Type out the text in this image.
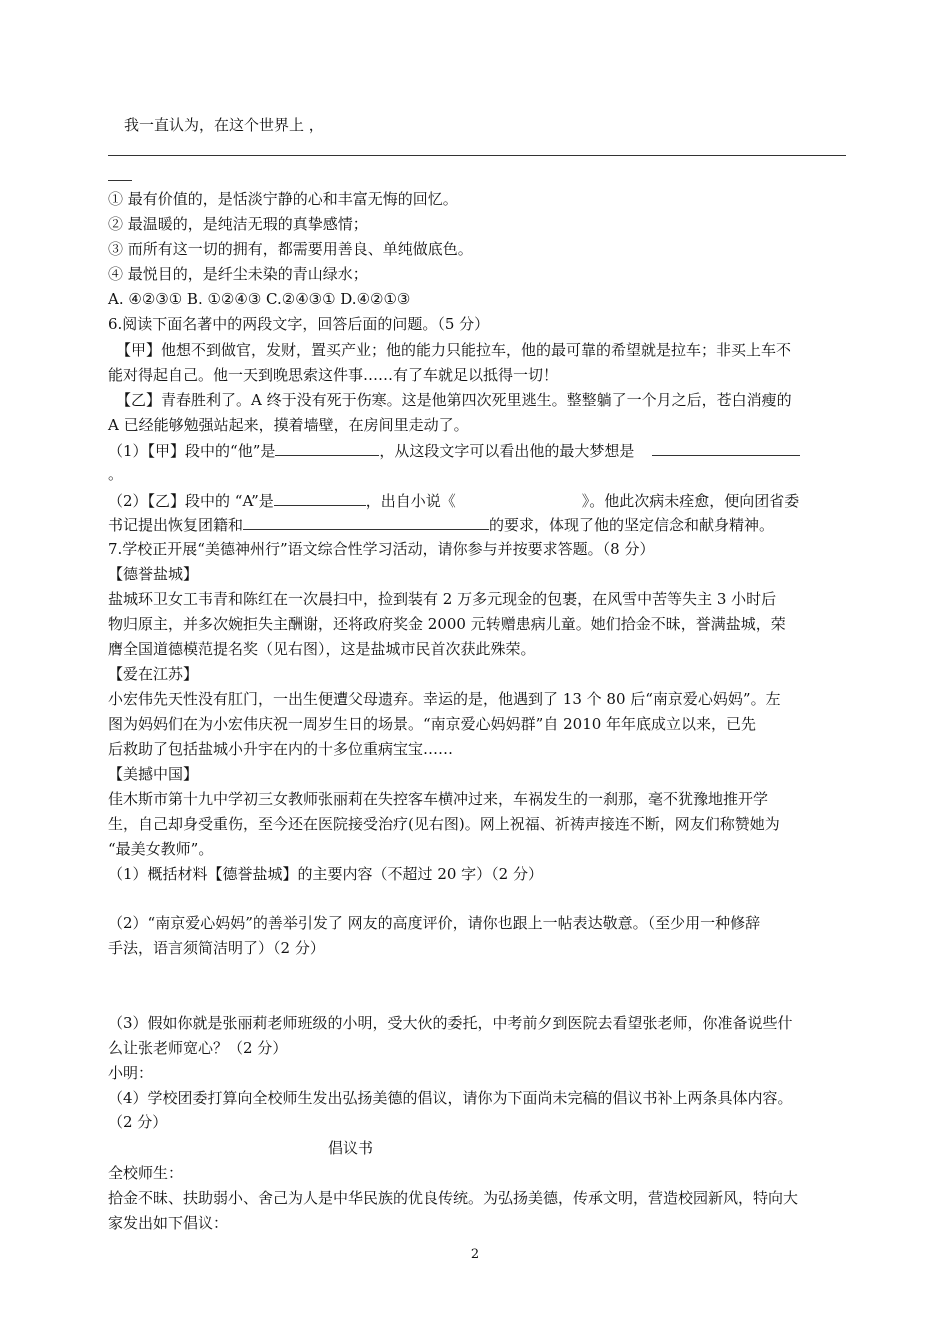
我一直认为，在这个世界上 ，
① 最有价值的，是恬淡宁静的心和丰富无悔的回忆。
② 最温暖的，是纯洁无瑕的真挚感情；
③ 而所有这一切的拥有，都需要用善良、单纯做底色。
④ 最悦目的，是纤尘未染的青山绿水；
A. ④②③① B. ①②④③ C.②④③① D.④②①③
6.阅读下面名著中的两段文字，回答后面的问题。（5 分）
【甲】他想不到做官，发财，置买产业；他的能力只能拉车，他的最可靠的希望就是拉车；非买上车不
能对得起自己。他一天到晚思索这件事……有了车就足以抵得一切！
【乙】青春胜利了。A 终于没有死于伤寒。这是他第四次死里逃生。整整躺了一个月之后，苍白消瘦的
A 已经能够勉强站起来，摸着墙壁，在房间里走动了。
（1）【甲】段中的“他”是	，从这段文字可以看出他的最大梦想是
。
（2）【乙】段中的 “A”是	，出自小说《	》。他此次病未痊愈，便向团省委
书记提出恢复团籍和	的要求，体现了他的坚定信念和献身精神。
7.学校正开展“美德神州行”语文综合性学习活动，请你参与并按要求答题。（8 分）
【德誉盐城】
盐城环卫女工韦青和陈红在一次晨扫中，捡到装有 2 万多元现金的包裹，在风雪中苦等失主 3 小时后
物归原主，并多次婉拒失主酬谢，还将政府奖金 2000 元转赠患病儿童。她们拾金不昧，誉满盐城，荣
膺全国道德模范提名奖（见右图），这是盐城市民首次获此殊荣。
【爱在江苏】
小宏伟先天性没有肛门，一出生便遭父母遗弃。幸运的是，他遇到了 13 个 80 后“南京爱心妈妈”。左
图为妈妈们在为小宏伟庆祝一周岁生日的场景。“南京爱心妈妈群”自 2010 年年底成立以来，已先
后救助了包括盐城小升宇在内的十多位重病宝宝……
【美撼中国】
佳木斯市第十九中学初三女教师张丽莉在失控客车横冲过来，车祸发生的一刹那，毫不犹豫地推开学
生，自己却身受重伤，至今还在医院接受治疗(见右图)。网上祝福、祈祷声接连不断，网友们称赞她为
“最美女教师”。
（1）概括材料【德誉盐城】的主要内容（不超过 20 字）（2 分）
（2）“南京爱心妈妈”的善举引发了 网友的高度评价，请你也跟上一帖表达敬意。（至少用一种修辞
手法，语言须简洁明了）（2 分）
（3）假如你就是张丽莉老师班级的小明，受大伙的委托，中考前夕到医院去看望张老师，你准备说些什
么让张老师宽心？（2 分）
小明：
（4）学校团委打算向全校师生发出弘扬美德的倡议，请你为下面尚未完稿的倡议书补上两条具体内容。
（2 分）
倡议书
全校师生：
拾金不昧、扶助弱小、舍己为人是中华民族的优良传统。为弘扬美德，传承文明，营造校园新风，特向大
家发出如下倡议：
2
